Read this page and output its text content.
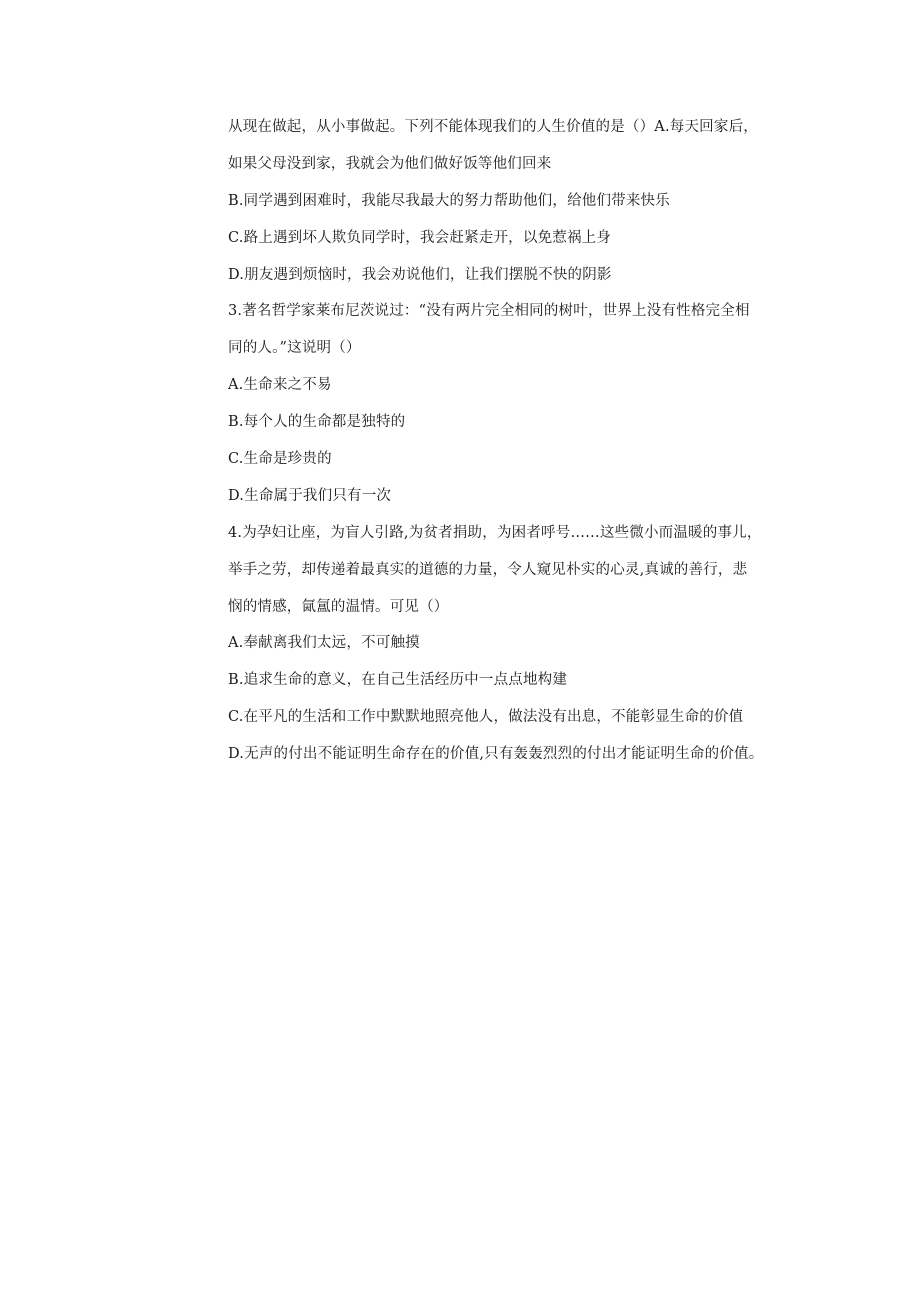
从现在做起，从小事做起。下列不能体现我们的人生价值的是（）A.每天回家后，
如果父母没到家，我就会为他们做好饭等他们回来
B.同学遇到困难时，我能尽我最大的努力帮助他们，给他们带来快乐
C.路上遇到坏人欺负同学时，我会赶紧走开，以免惹祸上身
D.朋友遇到烦恼时，我会劝说他们，让我们摆脱不快的阴影
3.著名哲学家莱布尼茨说过：“没有两片完全相同的树叶，世界上没有性格完全相
同的人。”这说明（）
A.生命来之不易
B.每个人的生命都是独特的
C.生命是珍贵的
D.生命属于我们只有一次
4.为孕妇让座，为盲人引路,为贫者捐助，为困者呼号……这些微小而温暖的事儿，
举手之劳，却传递着最真实的道德的力量，令人窥见朴实的心灵,真诚的善行，悲
悯的情感，氤氲的温情。可见（）
A.奉献离我们太远，不可触摸
B.追求生命的意义，在自己生活经历中一点点地构建
C.在平凡的生活和工作中默默地照亮他人，做法没有出息，不能彰显生命的价值
D.无声的付出不能证明生命存在的价值,只有轰轰烈烈的付出才能证明生命的价值。
